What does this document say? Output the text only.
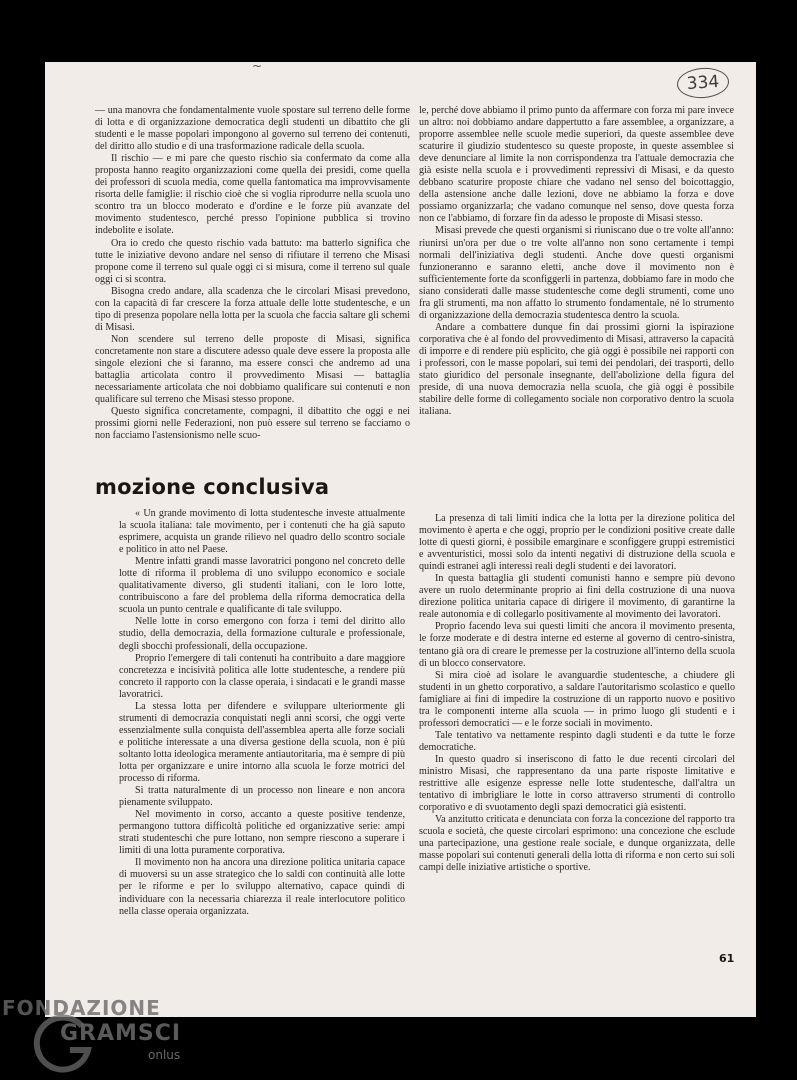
~
334

— una manovra che fondamentalmente vuole spostare sul terreno delle forme di lotta e di organizzazione democratica degli studenti un dibattito che gli studenti e le masse popolari impongono al governo sul terreno dei contenuti, del diritto allo studio e di una trasformazione radicale della scuola.

Il rischio — e mi pare che questo rischio sia confermato da come alla proposta hanno reagito organizzazioni come quella dei presidi, come quella dei professori di scuola media, come quella fantomatica ma improvvisamente risorta delle famiglie: il rischio cioè che si voglia riprodurre nella scuola uno scontro tra un blocco moderato e d'ordine e le forze più avanzate del movimento studentesco, perché presso l'opinione pubblica si trovino indebolite e isolate.

Ora io credo che questo rischio vada battuto: ma batterlo significa che tutte le iniziative devono andare nel senso di rifiutare il terreno che Misasi propone come il terreno sul quale oggi ci si misura, come il terreno sul quale oggi ci si scontra.

Bisogna credo andare, alla scadenza che le circolari Misasi prevedono, con la capacità di far crescere la forza attuale delle lotte studentesche, e un tipo di presenza popolare nella lotta per la scuola che faccia saltare gli schemi di Misasi.

Non scendere sul terreno delle proposte di Misasi, significa concretamente non stare a discutere adesso quale deve essere la proposta alle singole elezioni che si faranno, ma essere consci che andremo ad una battaglia articolata contro il provvedimento Misasi — battaglia necessariamente articolata che noi dobbiamo qualificare sui contenuti e non qualificare sul terreno che Misasi stesso propone.

Questo significa concretamente, compagni, il dibattito che oggi e nei prossimi giorni nelle Federazioni, non può essere sul terreno se facciamo o non facciamo l'astensionismo nelle scuo-

le, perché dove abbiamo il primo punto da affermare con forza mi pare invece un altro: noi dobbiamo andare dappertutto a fare assemblee, a organizzare, a proporre assemblee nelle scuole medie superiori, da queste assemblee deve scaturire il giudizio studentesco su queste proposte, in queste assemblee si deve denunciare al limite la non corrispondenza tra l'attuale democrazia che già esiste nella scuola e i provvedimenti repressivi di Misasi, e da questo debbano scaturire proposte chiare che vadano nel senso del boicottaggio, della astensione anche dalle lezioni, dove ne abbiamo la forza e dove possiamo organizzarla; che vadano comunque nel senso, dove questa forza non ce l'abbiamo, di forzare fin da adesso le proposte di Misasi stesso.

Misasi prevede che questi organismi si riuniscano due o tre volte all'anno: riunirsi un'ora per due o tre volte all'anno non sono certamente i tempi normali dell'iniziativa degli studenti. Anche dove questi organismi funzioneranno e saranno eletti, anche dove il movimento non è sufficientemente forte da sconfiggerli in partenza, dobbiamo fare in modo che siano considerati dalle masse studentesche come degli strumenti, come uno fra gli strumenti, ma non affatto lo strumento fondamentale, né lo strumento di organizzazione della democrazia studentesca dentro la scuola.

Andare a combattere dunque fin dai prossimi giorni la ispirazione corporativa che è al fondo del provvedimento di Misasi, attraverso la capacità di imporre e di rendere più esplicito, che già oggi è possibile nei rapporti con i professori, con le masse popolari, sui temi dei pendolari, dei trasporti, dello stato giuridico del personale insegnante, dell'abolizione della figura del preside, di una nuova democrazia nella scuola, che già oggi è possibile stabilire delle forme di collegamento sociale non corporativo dentro la scuola italiana.

mozione conclusiva

« Un grande movimento di lotta studentesche investe attualmente la scuola italiana: tale movimento, per i contenuti che ha già saputo esprimere, acquista un grande rilievo nel quadro dello scontro sociale e politico in atto nel Paese.

Mentre infatti grandi masse lavoratrici pongono nel concreto delle lotte di riforma il problema di uno sviluppo economico e sociale qualitativamente diverso, gli studenti italiani, con le loro lotte, contribuiscono a fare del problema della riforma democratica della scuola un punto centrale e qualificante di tale sviluppo.

Nelle lotte in corso emergono con forza i temi del diritto allo studio, della democrazia, della formazione culturale e professionale, degli sbocchi professionali, della occupazione.

Proprio l'emergere di tali contenuti ha contribuito a dare maggiore concretezza e incisività politica alle lotte studentesche, a rendere più concreto il rapporto con la classe operaia, i sindacati e le grandi masse lavoratrici.

La stessa lotta per difendere e sviluppare ulteriormente gli strumenti di democrazia conquistati negli anni scorsi, che oggi verte essenzialmente sulla conquista dell'assemblea aperta alle forze sociali e politiche interessate a una diversa gestione della scuola, non è più soltanto lotta ideologica meramente antiautoritaria, ma è sempre di più lotta per organizzare e unire intorno alla scuola le forze motrici del processo di riforma.

Si tratta naturalmente di un processo non lineare e non ancora pienamente sviluppato.

Nel movimento in corso, accanto a queste positive tendenze, permangono tuttora difficoltà politiche ed organizzative serie: ampi strati studenteschi che pure lottano, non sempre riescono a superare i limiti di una lotta puramente corporativa.

Il movimento non ha ancora una direzione politica unitaria capace di muoversi su un asse strategico che lo saldi con continuità alle lotte per le riforme e per lo sviluppo alternativo, capace quindi di individuare con la necessaria chiarezza il reale interlocutore politico nella classe operaia organizzata.

La presenza di tali limiti indica che la lotta per la direzione politica del movimento è aperta e che oggi, proprio per le condizioni positive create dalle lotte di questi giorni, è possibile emarginare e sconfiggere gruppi estremistici e avventuristici, mossi solo da intenti negativi di distruzione della scuola e quindi estranei agli interessi reali degli studenti e dei lavoratori.

In questa battaglia gli studenti comunisti hanno e sempre più devono avere un ruolo determinante proprio ai fini della costruzione di una nuova direzione politica unitaria capace di dirigere il movimento, di garantirne la reale autonomia e di collegarlo positivamente al movimento dei lavoratori.

Proprio facendo leva sui questi limiti che ancora il movimento presenta, le forze moderate e di destra interne ed esterne al governo di centro-sinistra, tentano già ora di creare le premesse per la costruzione all'interno della scuola di un blocco conservatore.

Si mira cioè ad isolare le avanguardie studentesche, a chiudere gli studenti in un ghetto corporativo, a saldare l'autoritarismo scolastico e quello famigliare ai fini di impedire la costruzione di un rapporto nuovo e positivo tra le componenti interne alla scuola — in primo luogo gli studenti e i professori democratici — e le forze sociali in movimento.

Tale tentativo va nettamente respinto dagli studenti e da tutte le forze democratiche.

In questo quadro si inseriscono di fatto le due recenti circolari del ministro Misasi, che rappresentano da una parte risposte limitative e restrittive alle esigenze espresse nelle lotte studentesche, dall'altra un tentativo di imbrigliare le lotte in corso attraverso strumenti di controllo corporativo e di svuotamento degli spazi democratici già esistenti.

Va anzitutto criticata e denunciata con forza la concezione del rapporto tra scuola e società, che queste circolari esprimono: una concezione che esclude una partecipazione, una gestione reale sociale, e dunque organizzata, delle masse popolari sui contenuti generali della lotta di riforma e non certo sui soli campi delle iniziative artistiche o sportive.

61
FONDAZIONE
GRAMSCI
onlus
